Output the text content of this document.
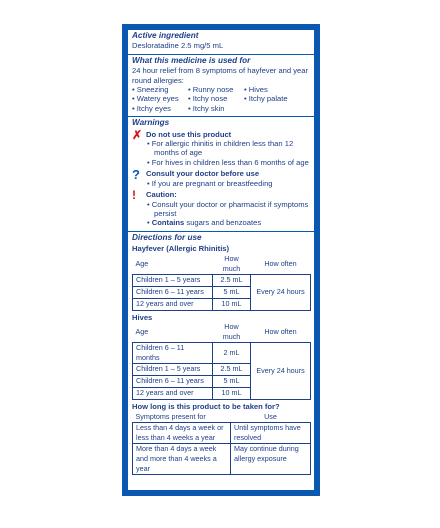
Active ingredient
Desloratadine 2.5 mg/5 mL
What this medicine is used for
24 hour relief from 8 symptoms of hayfever and year round allergies:
• Sneezing	• Runny nose	• Hives
• Watery eyes	• Itchy nose	• Itchy palate
• Itchy eyes	• Itchy skin
Warnings
✗ Do not use this product
• For allergic rhinitis in children less than 12 months of age
• For hives in children less than 6 months of age
? Consult your doctor before use
• If you are pregnant or breastfeeding
!	Caution:
• Consult your doctor or pharmacist if symptoms persist
• Contains sugars and benzoates
Directions for use
Hayfever (Allergic Rhinitis)
Age	How much	How often
Children 1 – 5 years	2.5 mL	Every 24 hours
Children 6 – 11 years	5 mL	
12 years and over	10 mL	
Hives
Age	How much	How often
Children 6 – 11 months	2 mL	Every 24 hours
Children 1 – 5 years	2.5 mL	
Children 6 – 11 years	5 mL	
12 years and over	10 mL	
How long is this product to be taken for?
Symptoms present for	Use
Less than 4 days a week or less than 4 weeks a year	Until symptoms have resolved
More than 4 days a week and more than 4 weeks a year	May continue during allergy exposure
